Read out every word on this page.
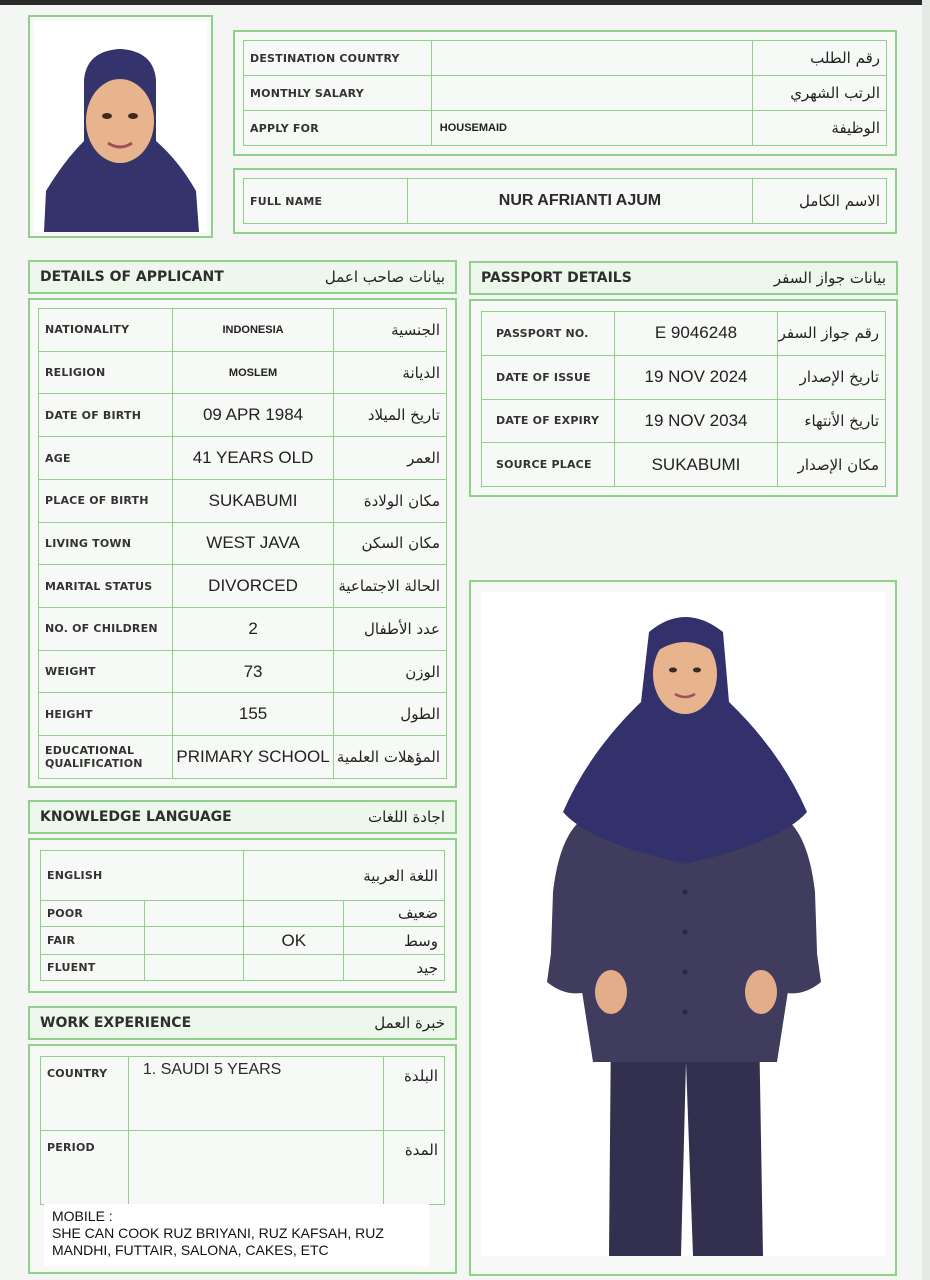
DESTINATION COUNTRY		رقم الطلب
MONTHLY SALARY		الرتب الشهري
APPLY FOR	HOUSEMAID	الوظيفة
FULL NAME	NUR AFRIANTI AJUM	الاسم الكامل
DETAILS OF APPLICANT	بيانات صاحب اعمل
NATIONALITY	INDONESIA	الجنسية
RELIGION	MOSLEM	الديانة
DATE OF BIRTH	09 APR 1984	تاريخ الميلاد
AGE	41 YEARS OLD	العمر
PLACE OF BIRTH	SUKABUMI	مكان الولادة
LIVING TOWN	WEST JAVA	مكان السكن
MARITAL STATUS	DIVORCED	الحالة الاجتماعية
NO. OF CHILDREN	2	عدد الأطفال
WEIGHT	73	الوزن
HEIGHT	155	الطول
EDUCATIONAL QUALIFICATION	PRIMARY SCHOOL	المؤهلات العلمية
PASSPORT DETAILS	بيانات جواز السفر
PASSPORT NO.	E 9046248	رقم جواز السفر
DATE OF ISSUE	19 NOV 2024	تاريخ الإصدار
DATE OF EXPIRY	19 NOV 2034	تاريخ الأنتهاء
SOURCE PLACE	SUKABUMI	مكان الإصدار
KNOWLEDGE LANGUAGE	اجادة اللغات
ENGLISH		اللغة العربية	
POOR			ضعيف
FAIR		OK	وسط
FLUENT			جيد
WORK EXPERIENCE	خبرة العمل
COUNTRY	1. SAUDI 5 YEARS	البلدة
PERIOD		المدة
MOBILE :
SHE CAN COOK RUZ BRIYANI, RUZ KAFSAH, RUZ MANDHI, FUTTAIR, SALONA, CAKES, ETC
